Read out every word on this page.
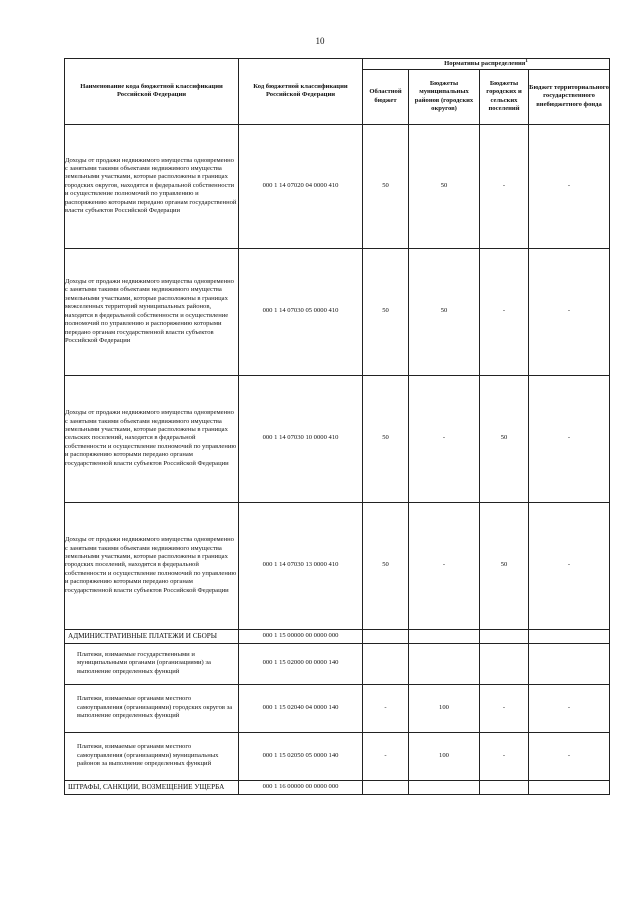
10
Наименование кода бюджетной классификации Российской Федерации	Код бюджетной классификации Российской Федерации	Нормативы распределения$^1$
		Областной бюджет	Бюджеты муниципальных районов (городских округов)	Бюджеты городских и сельских поселений	Бюджет территориального государственного внебюджетного фонда
Доходы от продажи недвижимого имущества одновременно с занятыми такими объектами недвижимого имущества земельными участками, которые расположены в границах городских округов, находятся в федеральной собственности и осуществление полномочий по управлению и распоряжению которыми передано органам государственной власти субъектов Российской Федерации	000 1 14 07020 04 0000 410	50	50	-	-
Доходы от продажи недвижимого имущества одновременно с занятыми такими объектами недвижимого имущества земельными участками, которые расположены в границах межселенных территорий муниципальных районов, находятся в федеральной собственности и осуществление полномочий по управлению и распоряжению которыми передано органам государственной власти субъектов Российской Федерации	000 1 14 07030 05 0000 410	50	50	-	-
Доходы от продажи недвижимого имущества одновременно с занятыми такими объектами недвижимого имущества земельными участками, которые расположены в границах сельских поселений, находятся в федеральной собственности и осуществление полномочий по управлению и распоряжению которыми передано органам государственной власти субъектов Российской Федерации	000 1 14 07030 10 0000 410	50	-	50	-
Доходы от продажи недвижимого имущества одновременно с занятыми такими объектами недвижимого имущества земельными участками, которые расположены в границах городских поселений, находятся в федеральной собственности и осуществление полномочий по управлению и распоряжению которыми передано органам государственной власти субъектов Российской Федерации	000 1 14 07030 13 0000 410	50	-	50	-
АДМИНИСТРАТИВНЫЕ ПЛАТЕЖИ И СБОРЫ	000 1 15 00000 00 0000 000				
Платежи, взимаемые государственными и муниципальными органами (организациями) за выполнение определенных функций	000 1 15 02000 00 0000 140				
Платежи, взимаемые органами местного самоуправления (организациями) городских округов за выполнение определенных функций	000 1 15 02040 04 0000 140	-	100	-	-
Платежи, взимаемые органами местного самоуправления (организациями) муниципальных районов за выполнение определенных функций	000 1 15 02050 05 0000 140	-	100	-	-
ШТРАФЫ, САНКЦИИ, ВОЗМЕЩЕНИЕ УЩЕРБА	000 1 16 00000 00 0000 000				
